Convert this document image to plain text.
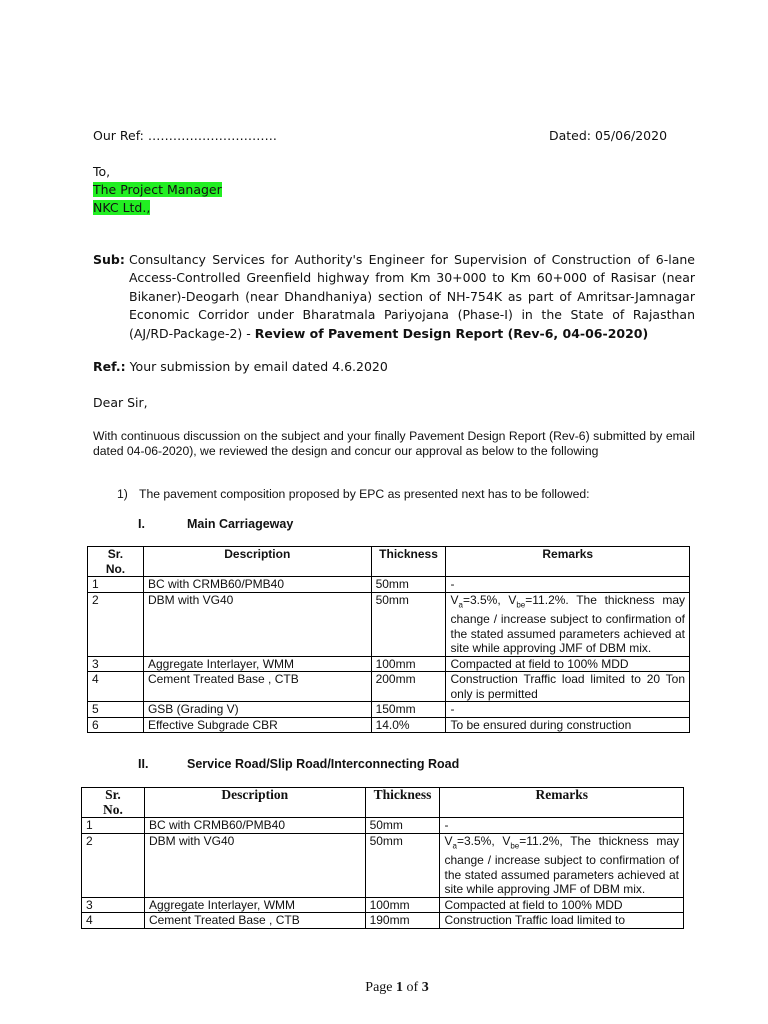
Our Ref: ………………………….	Dated: 05/06/2020
To,
The Project Manager
NKC Ltd.,
Sub: Consultancy Services for Authority's Engineer for Supervision of Construction of 6-lane Access-Controlled Greenfield highway from Km 30+000 to Km 60+000 of Rasisar (near Bikaner)-Deogarh (near Dhandhaniya) section of NH-754K as part of Amritsar-Jamnagar Economic Corridor under Bharatmala Pariyojana (Phase-I) in the State of Rajasthan (AJ/RD-Package-2) - Review of Pavement Design Report (Rev-6, 04-06-2020)
Ref.: Your submission by email dated 4.6.2020
Dear Sir,
With continuous discussion on the subject and your finally Pavement Design Report (Rev-6) submitted by email dated 04-06-2020), we reviewed the design and concur our approval as below to the following
1) The pavement composition proposed by EPC as presented next has to be followed:
I.	Main Carriageway
Sr. No.	Description	Thickness	Remarks
1	BC with CRMB60/PMB40	50mm	-
2	DBM with VG40	50mm	$V_a=3.5\%$, $V_{be}=11.2\%$. The thickness may change / increase subject to confirmation of the stated assumed parameters achieved at site while approving JMF of DBM mix.
3	Aggregate Interlayer, WMM	100mm	Compacted at field to 100% MDD
4	Cement Treated Base , CTB	200mm	Construction Traffic load limited to 20 Ton only is permitted
5	GSB (Grading V)	150mm	-
6	Effective Subgrade CBR	14.0%	To be ensured during construction
II.	Service Road/Slip Road/Interconnecting Road
Sr. No.	Description	Thickness	Remarks
1	BC with CRMB60/PMB40	50mm	-
2	DBM with VG40	50mm	$V_a=3.5\%$, $V_{be}=11.2\%$, The thickness may change / increase subject to confirmation of the stated assumed parameters achieved at site while approving JMF of DBM mix.
3	Aggregate Interlayer, WMM	100mm	Compacted at field to 100% MDD
4	Cement Treated Base , CTB	190mm	Construction Traffic load limited to
Page 1 of 3
